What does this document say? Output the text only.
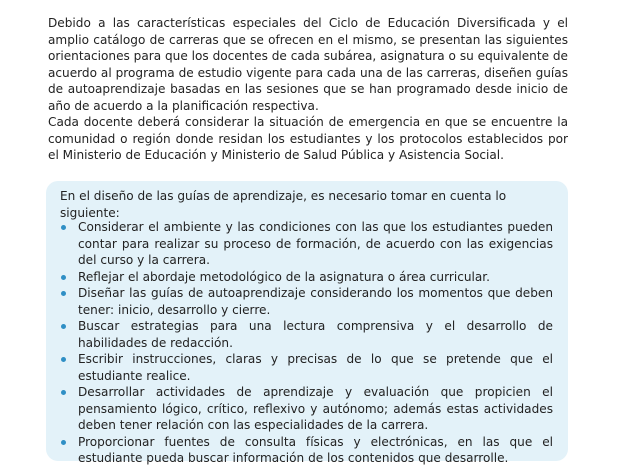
Debido a las características especiales del Ciclo de Educación Diversificada y el amplio catálogo de carreras que se ofrecen en el mismo, se presentan las siguientes orientaciones para que los docentes de cada subárea, asignatura o su equivalente de acuerdo al programa de estudio vigente para cada una de las carreras, diseñen guías de autoaprendizaje basadas en las sesiones que se han programado desde inicio de año de acuerdo a la planificación respectiva.

Cada docente deberá considerar la situación de emergencia en que se encuentre la comunidad o región donde residan los estudiantes y los protocolos establecidos por el Ministerio de Educación y Ministerio de Salud Pública y Asistencia Social.

En el diseño de las guías de aprendizaje, es necesario tomar en cuenta lo siguiente:

Considerar el ambiente y las condiciones con las que los estudiantes pueden contar para realizar su proceso de formación, de acuerdo con las exigencias del curso y la carrera.
Reflejar el abordaje metodológico de la asignatura o área curricular.
Diseñar las guías de autoaprendizaje considerando los momentos que deben tener: inicio, desarrollo y cierre.
Buscar estrategias para una lectura comprensiva y el desarrollo de habilidades de redacción.
Escribir instrucciones, claras y precisas de lo que se pretende que el estudiante realice.
Desarrollar actividades de aprendizaje y evaluación que propicien el pensamiento lógico, crítico, reflexivo y autónomo; además estas actividades deben tener relación con las especialidades de la carrera.
Proporcionar fuentes de consulta físicas y electrónicas, en las que el estudiante pueda buscar información de los contenidos que desarrolle.
